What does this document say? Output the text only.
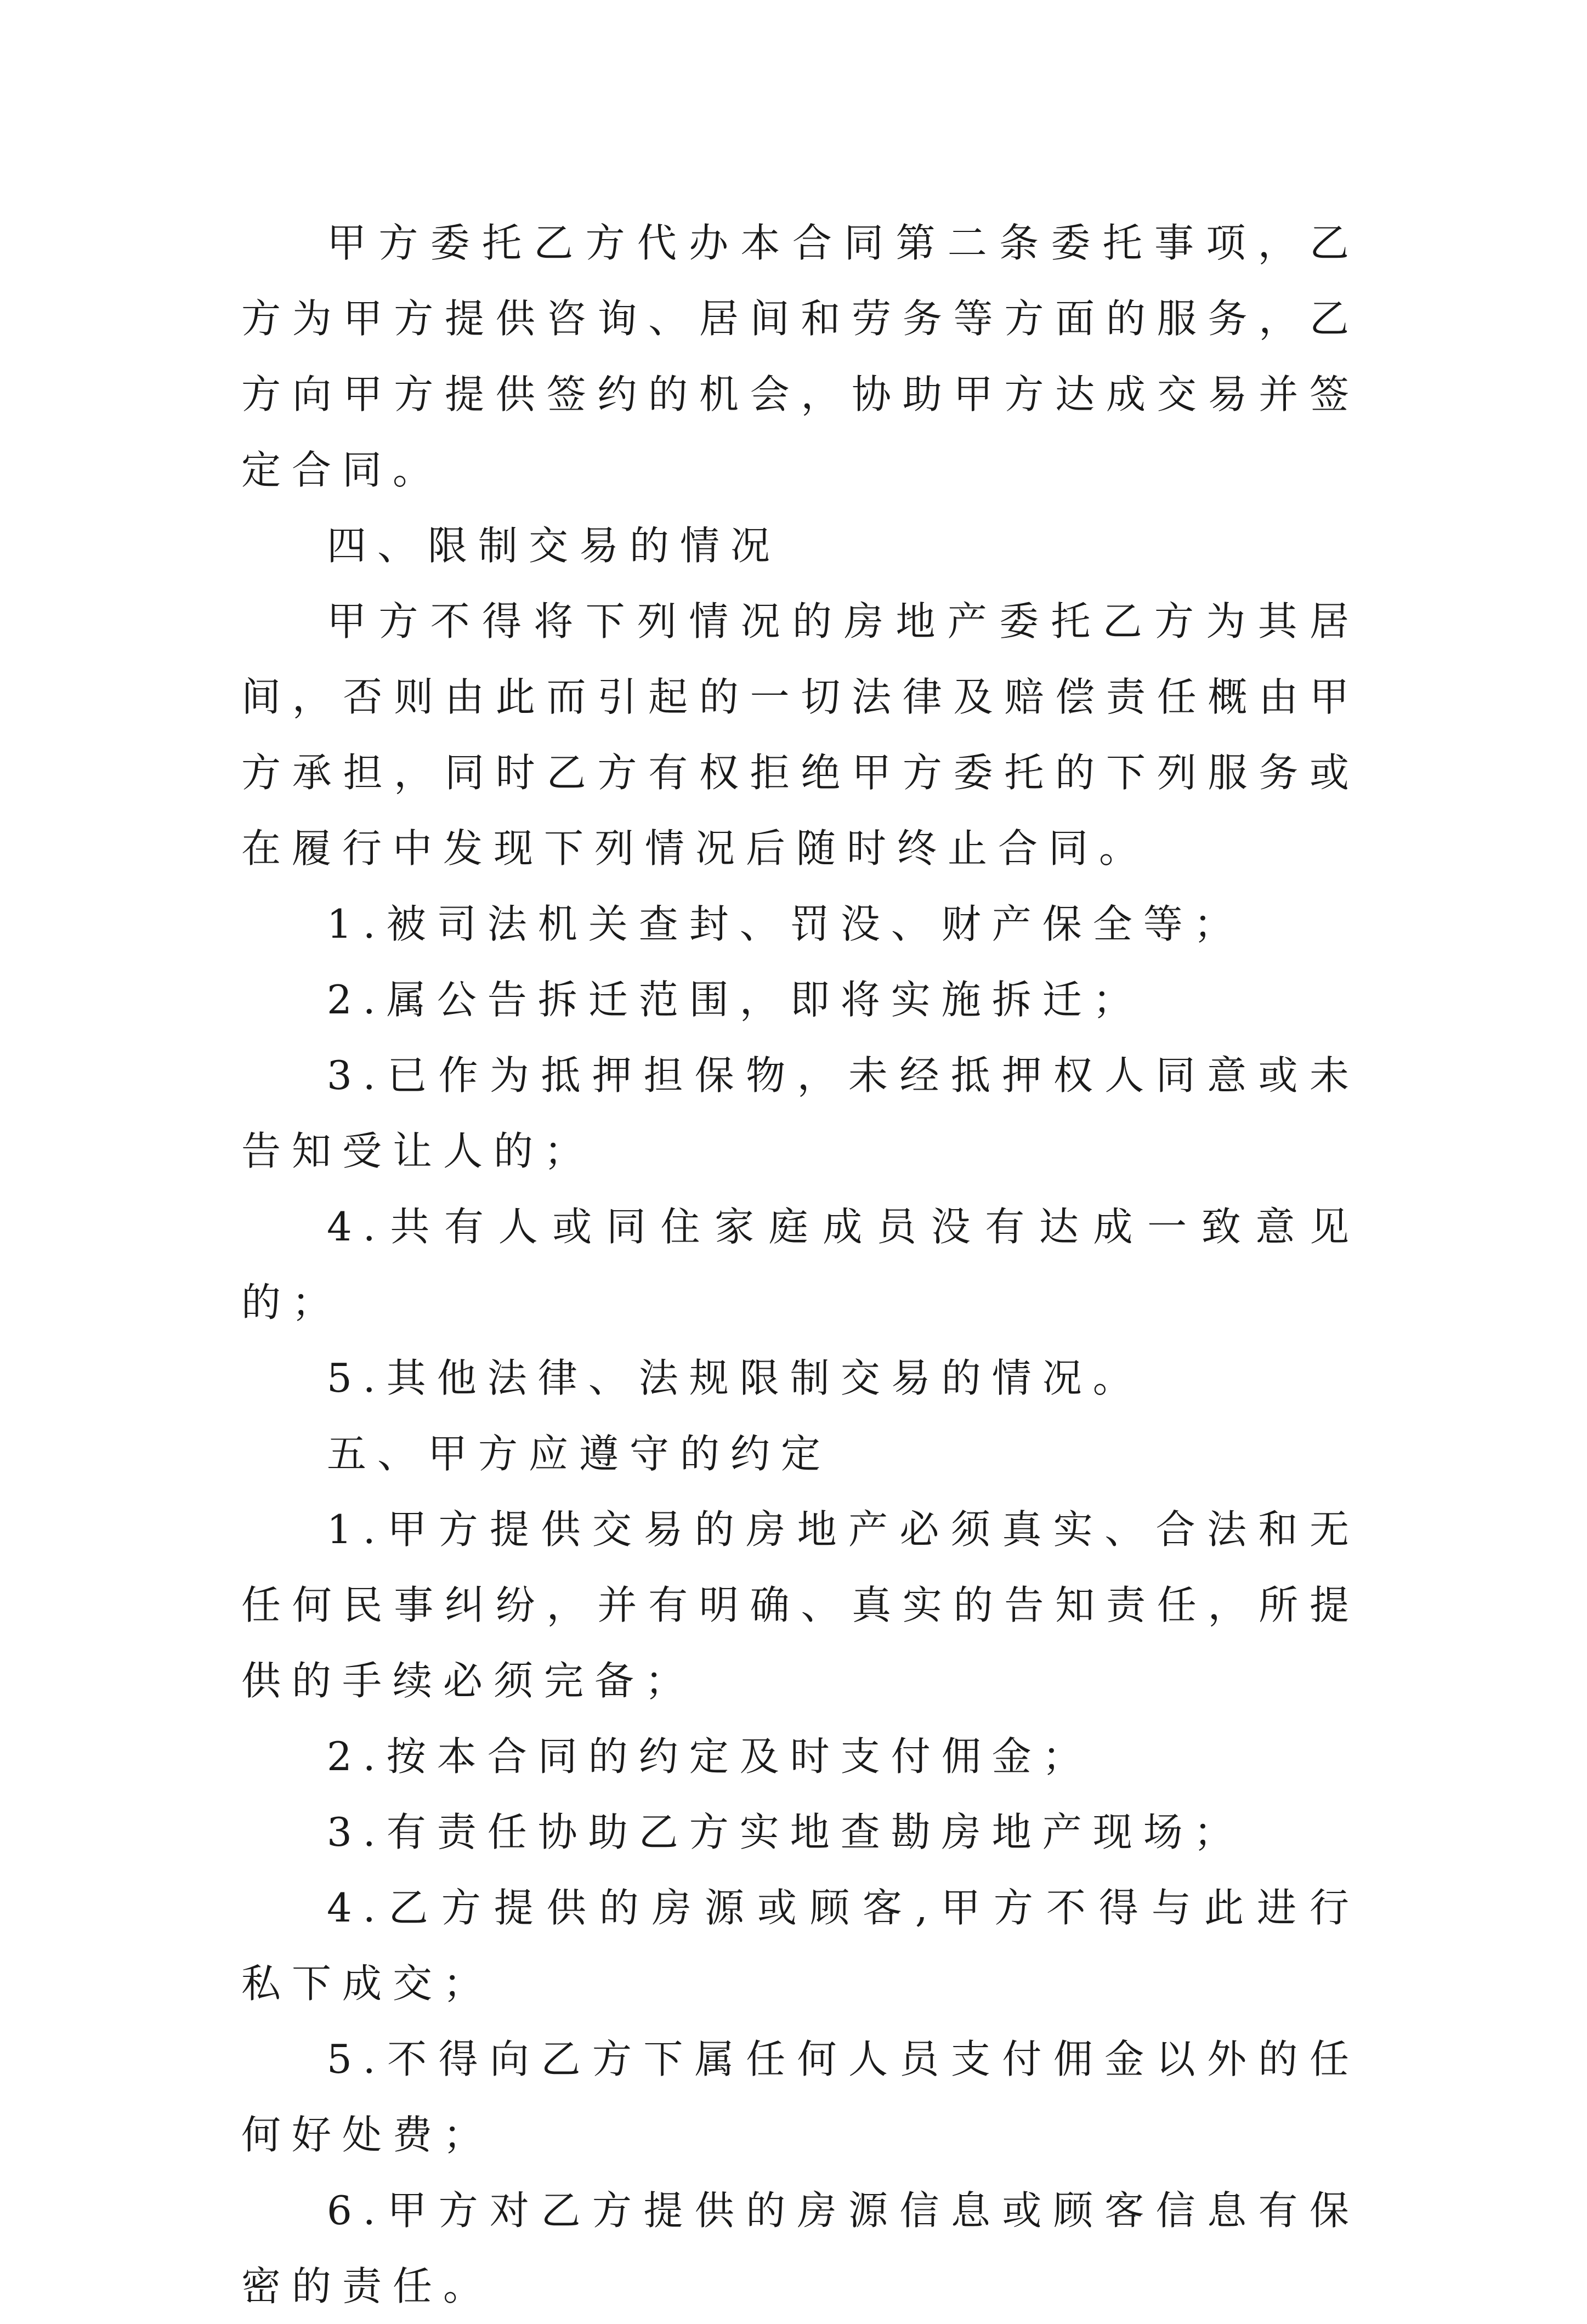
甲方委托乙方代办本合同第二条委托事项，乙方为甲方提供咨询、居间和劳务等方面的服务，乙方向甲方提供签约的机会，协助甲方达成交易并签定合同。

四、限制交易的情况

甲方不得将下列情况的房地产委托乙方为其居间，否则由此而引起的一切法律及赔偿责任概由甲方承担，同时乙方有权拒绝甲方委托的下列服务或在履行中发现下列情况后随时终止合同。

1.被司法机关查封、罚没、财产保全等；

2.属公告拆迁范围，即将实施拆迁；

3.已作为抵押担保物，未经抵押权人同意或未告知受让人的；

4.共有人或同住家庭成员没有达成一致意见的；

5.其他法律、法规限制交易的情况。

五、甲方应遵守的约定

1.甲方提供交易的房地产必须真实、合法和无任何民事纠纷，并有明确、真实的告知责任，所提供的手续必须完备；

2.按本合同的约定及时支付佣金；

3.有责任协助乙方实地查勘房地产现场；

4.乙方提供的房源或顾客,甲方不得与此进行私下成交；

5.不得向乙方下属任何人员支付佣金以外的任何好处费；

6.甲方对乙方提供的房源信息或顾客信息有保密的责任。
